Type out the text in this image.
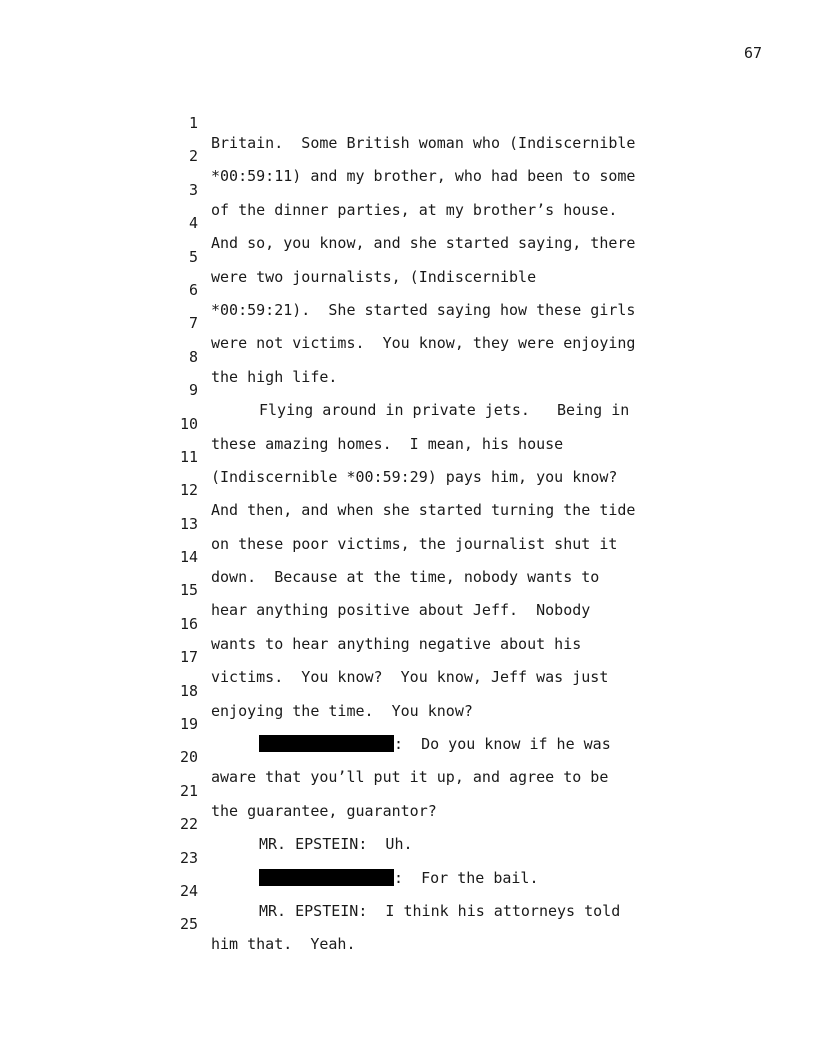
67

1

Britain.  Some British woman who (Indiscernible

2

*00:59:11) and my brother, who had been to some

3

of the dinner parties, at my brother’s house.

4

And so, you know, and she started saying, there

5

were two journalists, (Indiscernible

6

*00:59:21).  She started saying how these girls

7

were not victims.  You know, they were enjoying

8

the high life.

9

Flying around in private jets.   Being in

10

these amazing homes.  I mean, his house

11

(Indiscernible *00:59:29) pays him, you know?

12

And then, and when she started turning the tide

13

on these poor victims, the journalist shut it

14

down.  Because at the time, nobody wants to

15

hear anything positive about Jeff.  Nobody

16

wants to hear anything negative about his

17

victims.  You know?  You know, Jeff was just

18

enjoying the time.  You know?

19

:  Do you know if he was

20

aware that you’ll put it up, and agree to be

21

the guarantee, guarantor?

22

MR. EPSTEIN:  Uh.

23

:  For the bail.

24

MR. EPSTEIN:  I think his attorneys told

25

him that.  Yeah.
